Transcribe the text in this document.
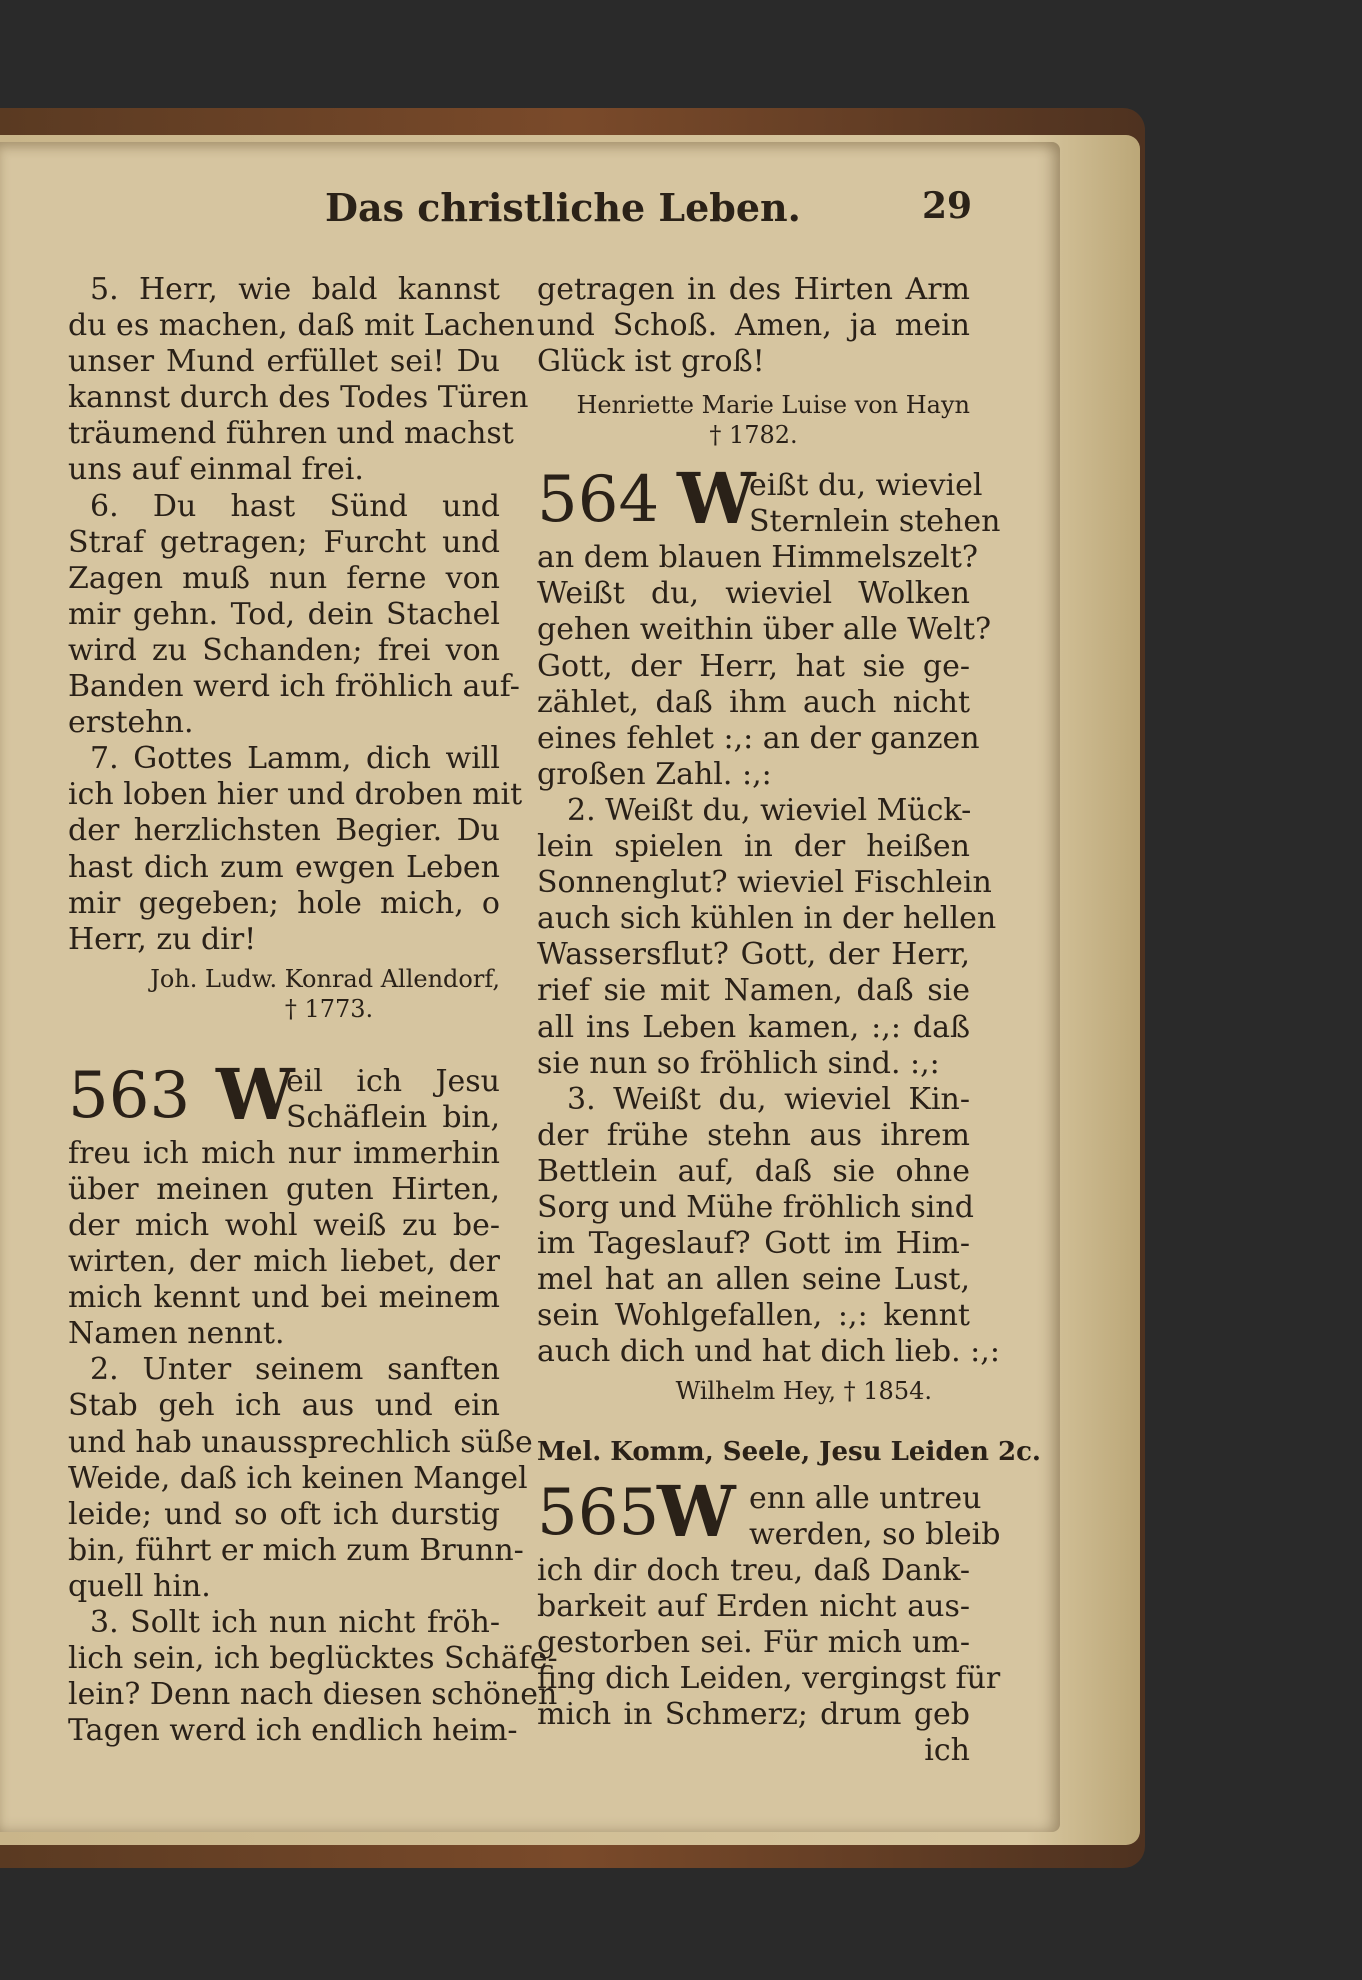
Das christliche Leben.	29
5. Herr, wie bald kannst
du es machen, daß mit Lachen
unser Mund erfüllet sei! Du
kannst durch des Todes Türen
träumend führen und machst
uns auf einmal frei.
6. Du hast Sünd und
Straf getragen; Furcht und
Zagen muß nun ferne von
mir gehn. Tod, dein Stachel
wird zu Schanden; frei von
Banden werd ich fröhlich auf-
erstehn.
7. Gottes Lamm, dich will
ich loben hier und droben mit
der herzlichsten Begier. Du
hast dich zum ewgen Leben
mir gegeben; hole mich, o
Herr, zu dir!
Joh. Ludw. Konrad Allendorf,
† 1773.
563 W
eil ich Jesu
Schäflein bin,
freu ich mich nur immerhin
über meinen guten Hirten,
der mich wohl weiß zu be-
wirten, der mich liebet, der
mich kennt und bei meinem
Namen nennt.
2. Unter seinem sanften
Stab geh ich aus und ein
und hab unaussprechlich süße
Weide, daß ich keinen Mangel
leide; und so oft ich durstig
bin, führt er mich zum Brunn-
quell hin.
3. Sollt ich nun nicht fröh-
lich sein, ich beglücktes Schäfe-
lein? Denn nach diesen schönen
Tagen werd ich endlich heim-
getragen in des Hirten Arm
und Schoß. Amen, ja mein
Glück ist groß!
Henriette Marie Luise von Hayn
† 1782.
564 W
eißt du, wieviel
Sternlein stehen
an dem blauen Himmelszelt?
Weißt du, wieviel Wolken
gehen weithin über alle Welt?
Gott, der Herr, hat sie ge-
zählet, daß ihm auch nicht
eines fehlet :,: an der ganzen
großen Zahl. :,:
2. Weißt du, wieviel Mück-
lein spielen in der heißen
Sonnenglut? wieviel Fischlein
auch sich kühlen in der hellen
Wassersflut? Gott, der Herr,
rief sie mit Namen, daß sie
all ins Leben kamen, :,: daß
sie nun so fröhlich sind. :,:
3. Weißt du, wieviel Kin-
der frühe stehn aus ihrem
Bettlein auf, daß sie ohne
Sorg und Mühe fröhlich sind
im Tageslauf? Gott im Him-
mel hat an allen seine Lust,
sein Wohlgefallen, :,: kennt
auch dich und hat dich lieb. :,:
Wilhelm Hey, † 1854.
Mel. Komm, Seele, Jesu Leiden 2c.
565
W enn alle untreu
werden, so bleib
ich dir doch treu, daß Dank-
barkeit auf Erden nicht aus-
gestorben sei. Für mich um-
fing dich Leiden, vergingst für
mich in Schmerz; drum geb
ich
